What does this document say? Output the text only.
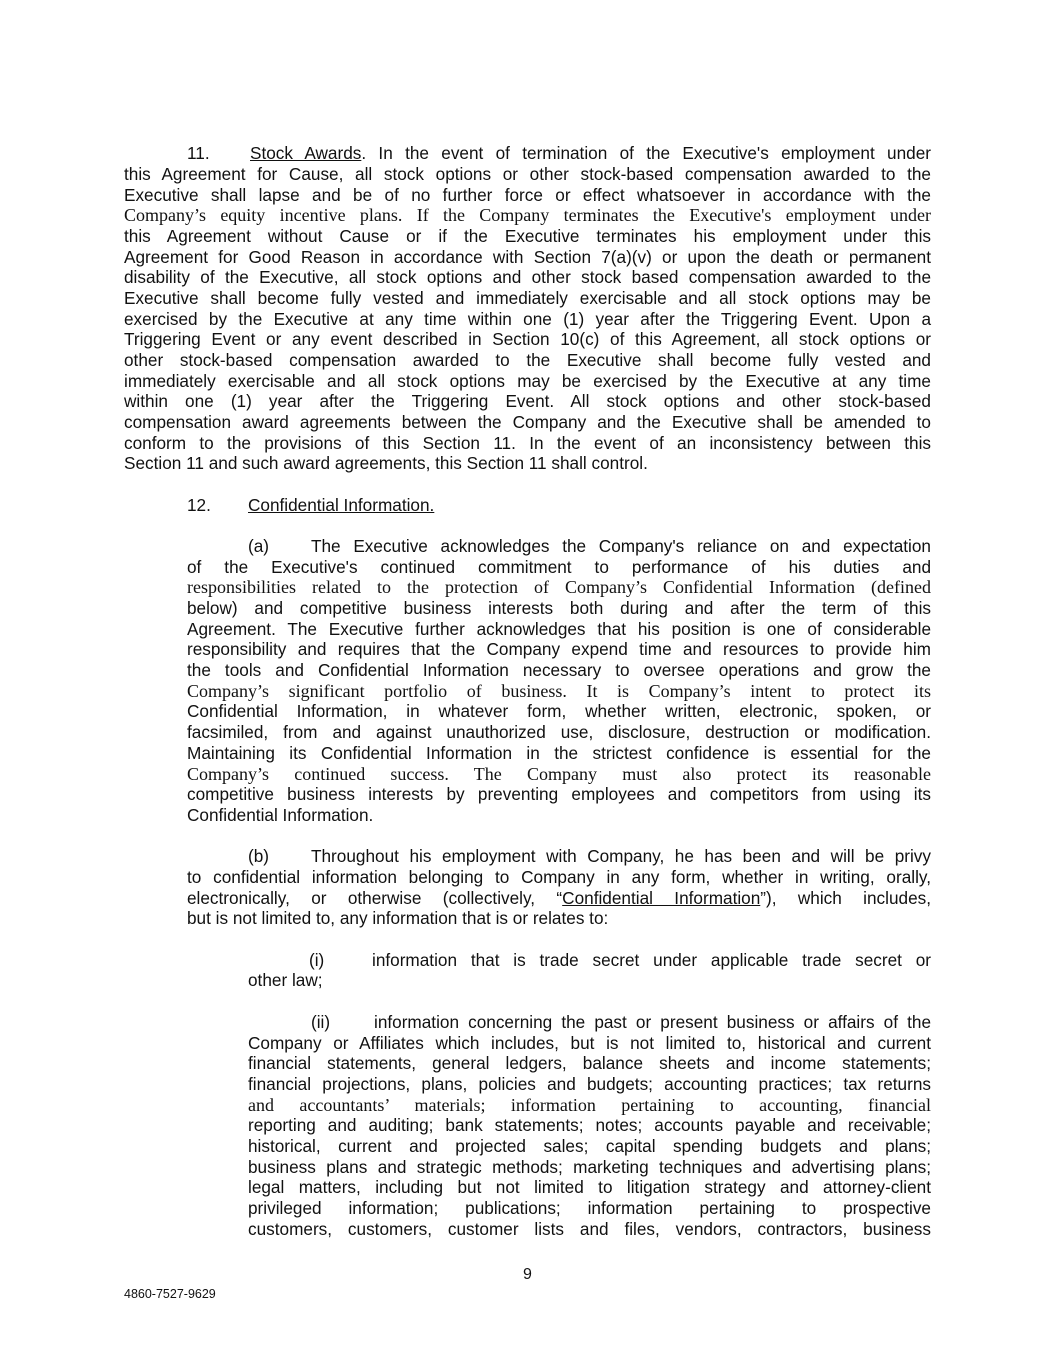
11. Stock Awards. In the event of termination of the Executive's employment under
this Agreement for Cause, all stock options or other stock-based compensation awarded to the
Executive shall lapse and be of no further force or effect whatsoever in accordance with the
Company’s equity incentive plans. If the Company terminates the Executive's employment under
this Agreement without Cause or if the Executive terminates his employment under this
Agreement for Good Reason in accordance with Section 7(a)(v) or upon the death or permanent
disability of the Executive, all stock options and other stock based compensation awarded to the
Executive shall become fully vested and immediately exercisable and all stock options may be
exercised by the Executive at any time within one (1) year after the Triggering Event. Upon a
Triggering Event or any event described in Section 10(c) of this Agreement, all stock options or
other stock-based compensation awarded to the Executive shall become fully vested and
immediately exercisable and all stock options may be exercised by the Executive at any time
within one (1) year after the Triggering Event. All stock options and other stock-based
compensation award agreements between the Company and the Executive shall be amended to
conform to the provisions of this Section 11. In the event of an inconsistency between this
Section 11 and such award agreements, this Section 11 shall control.
12. Confidential Information.
(a) The Executive acknowledges the Company's reliance on and expectation
of the Executive's continued commitment to performance of his duties and
responsibilities related to the protection of Company’s Confidential Information (defined
below) and competitive business interests both during and after the term of this
Agreement. The Executive further acknowledges that his position is one of considerable
responsibility and requires that the Company expend time and resources to provide him
the tools and Confidential Information necessary to oversee operations and grow the
Company’s significant portfolio of business. It is Company’s intent to protect its
Confidential Information, in whatever form, whether written, electronic, spoken, or
facsimiled, from and against unauthorized use, disclosure, destruction or modification.
Maintaining its Confidential Information in the strictest confidence is essential for the
Company’s continued success. The Company must also protect its reasonable
competitive business interests by preventing employees and competitors from using its
Confidential Information.
(b) Throughout his employment with Company, he has been and will be privy
to confidential information belonging to Company in any form, whether in writing, orally,
electronically, or otherwise (collectively, “Confidential Information”), which includes,
but is not limited to, any information that is or relates to:
(i)	information that is trade secret under applicable trade secret or
other law;
(ii)	information concerning the past or present business or affairs of the
Company or Affiliates which includes, but is not limited to, historical and current
financial statements, general ledgers, balance sheets and income statements;
financial projections, plans, policies and budgets; accounting practices; tax returns
and accountants’ materials; information pertaining to accounting, financial
reporting and auditing; bank statements; notes; accounts payable and receivable;
historical, current and projected sales; capital spending budgets and plans;
business plans and strategic methods; marketing techniques and advertising plans;
legal matters, including but not limited to litigation strategy and attorney-client
privileged information; publications; information pertaining to prospective
customers, customers, customer lists and files, vendors, contractors, business
9
4860-7527-9629
